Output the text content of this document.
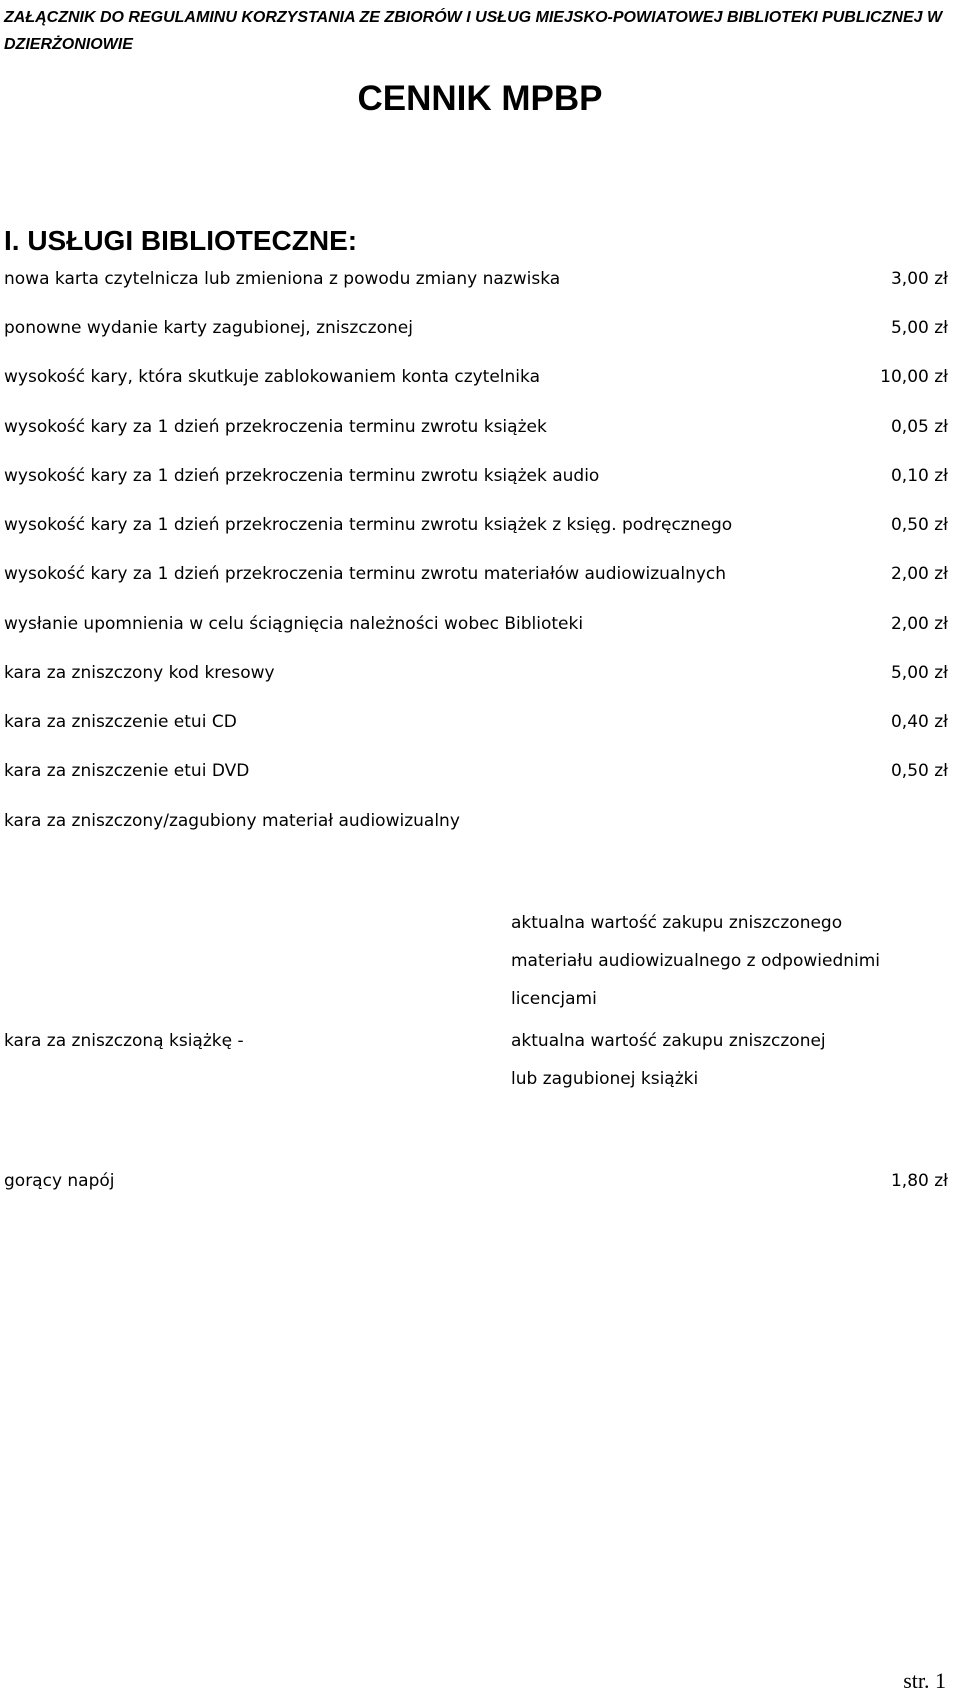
ZAŁĄCZNIK DO REGULAMINU KORZYSTANIA ZE ZBIORÓW I USŁUG MIEJSKO-POWIATOWEJ BIBLIOTEKI PUBLICZNEJ W DZIERŻONIOWIE
CENNIK MPBP
I. USŁUGI BIBLIOTECZNE:
nowa karta czytelnicza lub zmieniona z powodu zmiany nazwiska	3,00 zł
ponowne wydanie karty zagubionej, zniszczonej	5,00 zł
wysokość kary, która skutkuje zablokowaniem konta czytelnika	10,00 zł
wysokość kary za 1 dzień przekroczenia terminu zwrotu książek	0,05 zł
wysokość kary za 1 dzień przekroczenia terminu zwrotu książek audio	0,10 zł
wysokość kary za 1 dzień przekroczenia terminu zwrotu książek z księg. podręcznego	0,50 zł
wysokość kary za 1 dzień przekroczenia terminu zwrotu materiałów audiowizualnych	2,00 zł
wysłanie upomnienia w celu ściągnięcia należności wobec Biblioteki	2,00 zł
kara za zniszczony kod kresowy	5,00 zł
kara za zniszczenie etui CD	0,40 zł
kara za zniszczenie etui DVD	0,50 zł
kara za zniszczony/zagubiony materiał audiowizualny
aktualna wartość zakupu zniszczonego
materiału audiowizualnego z odpowiednimi
licencjami
kara za zniszczoną książkę -	aktualna wartość zakupu zniszczonej
lub zagubionej książki
gorący napój	1,80 zł
str. 1
